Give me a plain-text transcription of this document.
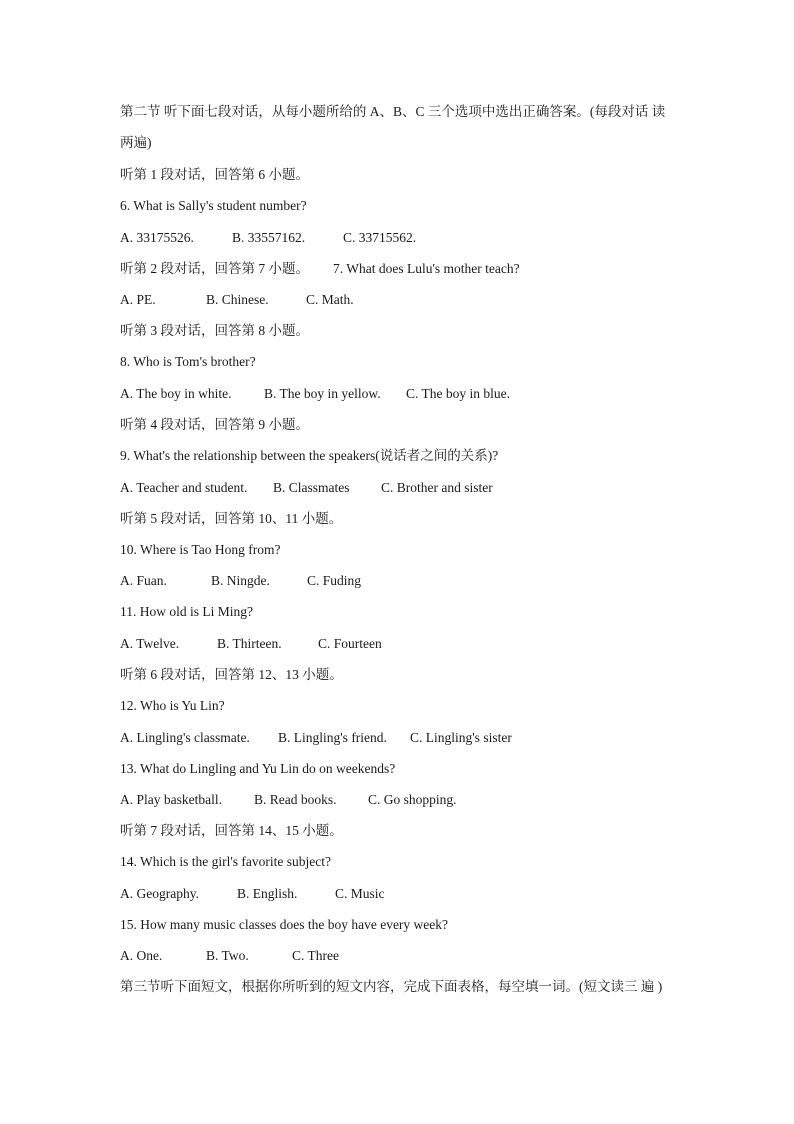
第二节 听下面七段对话，从每小题所给的 A、B、C 三个选项中选出正确答案。(每段对话 读
两遍)
听第 1 段对话，回答第 6 小题。
6. What is Sally's student number?
A. 33175526.	B. 33557162.	C. 33715562.
听第 2 段对话，回答第 7 小题。 7. What does Lulu's mother teach?
A. PE.	B. Chinese.	C. Math.
听第 3 段对话，回答第 8 小题。
8. Who is Tom's brother?
A. The boy in white. B. The boy in yellow. C. The boy in blue.
听第 4 段对话，回答第 9 小题。
9. What's the relationship between the speakers(说话者之间的关系)?
A. Teacher and student. B. Classmates C. Brother and sister
听第 5 段对话，回答第 10、11 小题。
10. Where is Tao Hong from?
A. Fuan.	B. Ningde.	C. Fuding
11. How old is Li Ming?
A. Twelve.	B. Thirteen.	C. Fourteen
听第 6 段对话，回答第 12、13 小题。
12. Who is Yu Lin?
A. Lingling's classmate. B. Lingling's friend. C. Lingling's sister
13. What do Lingling and Yu Lin do on weekends?
A. Play basketball. B. Read books. C. Go shopping.
听第 7 段对话，回答第 14、15 小题。
14. Which is the girl's favorite subject?
A. Geography.	B. English.	C. Music
15. How many music classes does the boy have every week?
A. One.	B. Two.	C. Three
第三节听下面短文，根据你所听到的短文内容，完成下面表格，每空填一词。(短文读三 遍 )
